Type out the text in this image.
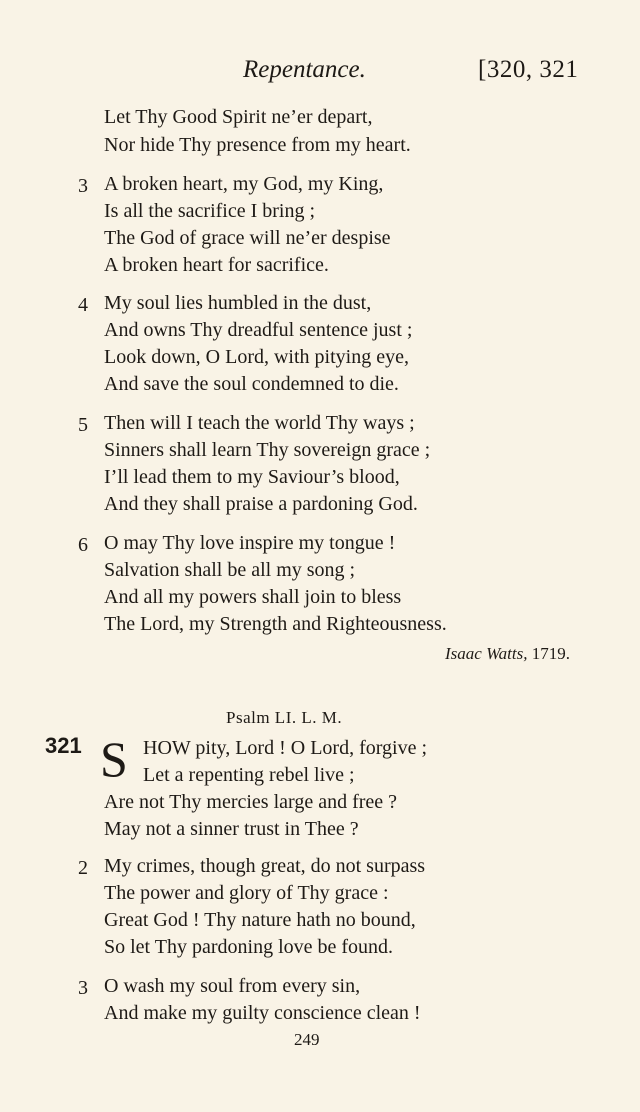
Repentance.	[320, 321
Let Thy Good Spirit ne’er depart,
Nor hide Thy presence from my heart.
3 A broken heart, my God, my King,
Is all the sacrifice I bring ;
The God of grace will ne’er despise
A broken heart for sacrifice.
4 My soul lies humbled in the dust,
And owns Thy dreadful sentence just ;
Look down, O Lord, with pitying eye,
And save the soul condemned to die.
5 Then will I teach the world Thy ways ;
Sinners shall learn Thy sovereign grace ;
I’ll lead them to my Saviour’s blood,
And they shall praise a pardoning God.
6 O may Thy love inspire my tongue !
Salvation shall be all my song ;
And all my powers shall join to bless
The Lord, my Strength and Righteousness.
Isaac Watts, 1719.
Psalm LI. L. M.
321 S HOW pity, Lord ! O Lord, forgive ;
Let a repenting rebel live ;
Are not Thy mercies large and free ?
May not a sinner trust in Thee ?
2 My crimes, though great, do not surpass
The power and glory of Thy grace :
Great God ! Thy nature hath no bound,
So let Thy pardoning love be found.
3 O wash my soul from every sin,
And make my guilty conscience clean !
249
